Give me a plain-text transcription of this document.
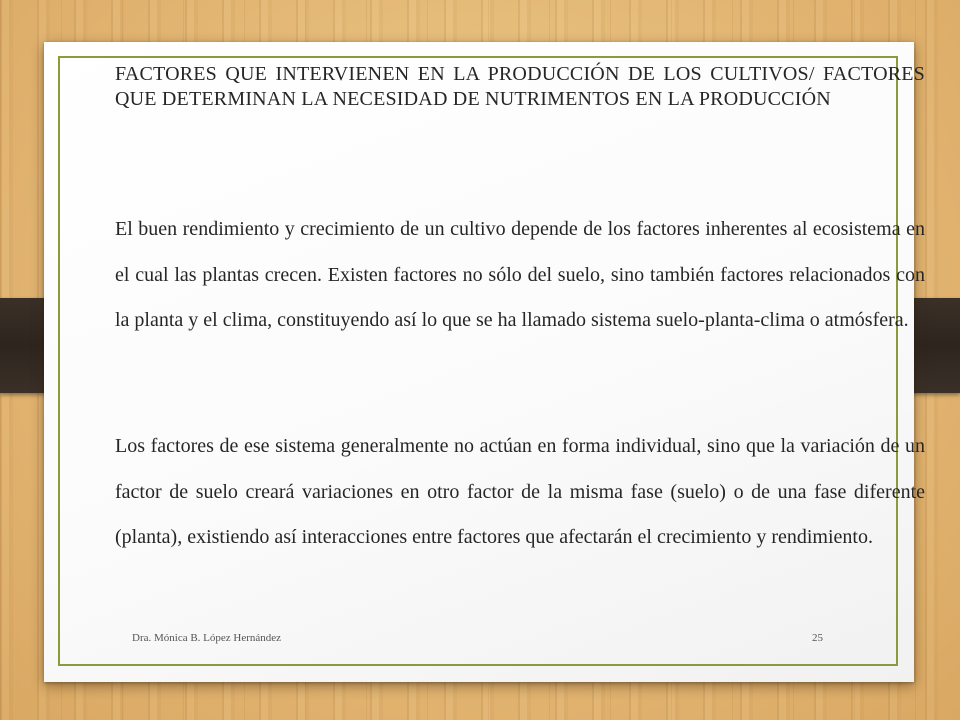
FACTORES QUE INTERVIENEN EN LA PRODUCCIÓN DE LOS CULTIVOS/ FACTORES QUE DETERMINAN LA NECESIDAD DE NUTRIMENTOS EN LA PRODUCCIÓN

El buen rendimiento y crecimiento de un cultivo depende de los factores inherentes al ecosistema en el cual las plantas crecen. Existen factores no sólo del suelo, sino también factores relacionados con la planta y el clima, constituyendo así lo que se ha llamado sistema suelo-planta-clima o atmósfera.

Los factores de ese sistema generalmente no actúan en forma individual, sino que la variación de un factor de suelo creará variaciones en otro factor de la misma fase (suelo) o de una fase diferente (planta), existiendo así interacciones entre factores que afectarán el crecimiento y rendimiento.

Dra. Mónica B. López Hernández	25
